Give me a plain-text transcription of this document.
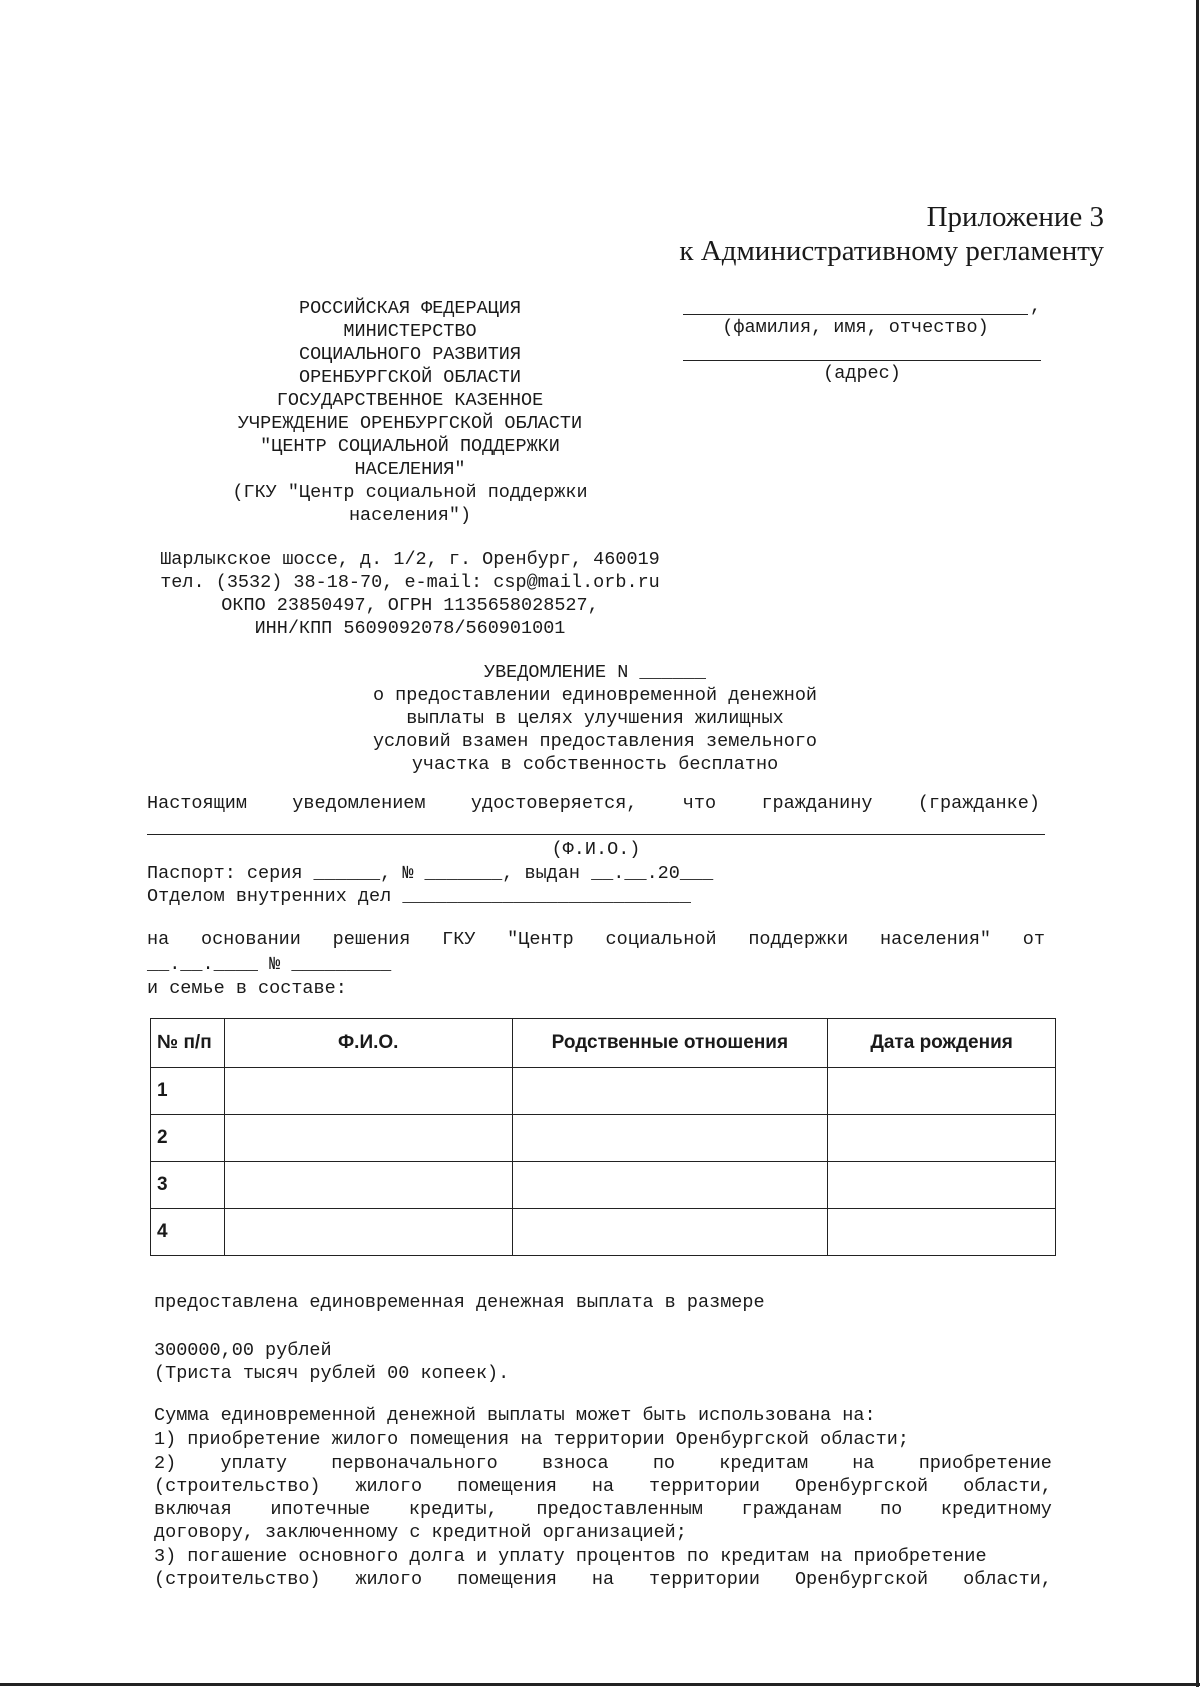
Приложение 3
к Административному регламенту
РОССИЙСКАЯ ФЕДЕРАЦИЯ
МИНИСТЕРСТВО
СОЦИАЛЬНОГО РАЗВИТИЯ
ОРЕНБУРГСКОЙ ОБЛАСТИ
ГОСУДАРСТВЕННОЕ КАЗЕННОЕ
УЧРЕЖДЕНИЕ ОРЕНБУРГСКОЙ ОБЛАСТИ
"ЦЕНТР СОЦИАЛЬНОЙ ПОДДЕРЖКИ
НАСЕЛЕНИЯ"
(ГКУ "Центр социальной поддержки
населения")
Шарлыкское шоссе, д. 1/2, г. Оренбург, 460019
тел. (3532) 38-18-70, e-mail: csp@mail.orb.ru
ОКПО 23850497, ОГРН 1135658028527,
ИНН/КПП 5609092078/560901001
,
(фамилия, имя, отчество)
(адрес)
УВЕДОМЛЕНИЕ N ______
о предоставлении единовременной денежной
выплаты в целях улучшения жилищных
условий взамен предоставления земельного
участка в собственность бесплатно
Настоящим уведомлением удостоверяется, что гражданину (гражданке)
(Ф.И.О.)
Паспорт: серия ______, № _______, выдан __.__.20___
Отделом внутренних дел __________________________
на основании решения ГКУ "Центр социальной поддержки населения" от
__.__.____ № _________
и семье в составе:
№ п/п	Ф.И.О.	Родственные отношения	Дата рождения
1			
2			
3			
4			
предоставлена единовременная денежная выплата в размере
300000,00 рублей
(Триста тысяч рублей 00 копеек).
Сумма единовременной денежной выплаты может быть использована на:
1) приобретение жилого помещения на территории Оренбургской области;
2) уплату первоначального взноса по кредитам на приобретение
(строительство) жилого помещения на территории Оренбургской области,
включая ипотечные кредиты, предоставленным гражданам по кредитному
договору, заключенному с кредитной организацией;
3) погашение основного долга и уплату процентов по кредитам на приобретение
(строительство) жилого помещения на территории Оренбургской области,
